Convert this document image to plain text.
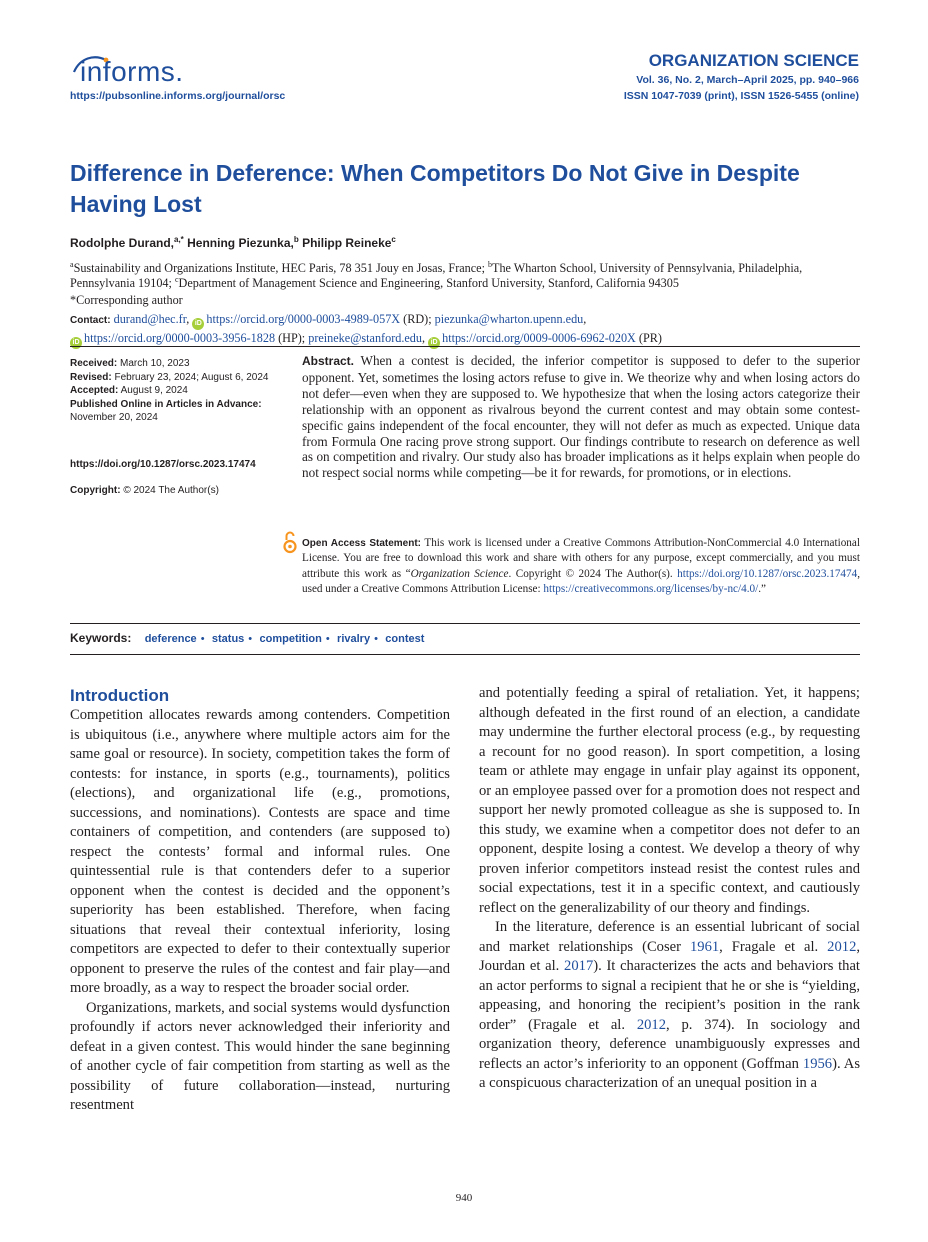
informs.
https://pubsonline.informs.org/journal/orsc
ORGANIZATION SCIENCE
Vol. 36, No. 2, March–April 2025, pp. 940–966
ISSN 1047-7039 (print), ISSN 1526-5455 (online)
Difference in Deference: When Competitors Do Not Give in Despite Having Lost
Rodolphe Durand,$^{a,*}$ Henning Piezunka,$^b$ Philipp Reineke$^c$
$^a$Sustainability and Organizations Institute, HEC Paris, 78 351 Jouy en Josas, France; $^b$The Wharton School, University of Pennsylvania, Philadelphia, Pennsylvania 19104; $^c$Department of Management Science and Engineering, Stanford University, Stanford, California 94305
*Corresponding author
Contact: durand@hec.fr, iD https://orcid.org/0000-0003-4989-057X (RD); piezunka@wharton.upenn.edu,
iD https://orcid.org/0000-0003-3956-1828 (HP); preineke@stanford.edu, iD https://orcid.org/0009-0006-6962-020X (PR)
Received: March 10, 2023
Revised: February 23, 2024; August 6, 2024
Accepted: August 9, 2024
Published Online in Articles in Advance:
November 20, 2024
https://doi.org/10.1287/orsc.2023.17474
Copyright: © 2024 The Author(s)
Abstract. When a contest is decided, the inferior competitor is supposed to defer to the superior opponent. Yet, sometimes the losing actors refuse to give in. We theorize why and when losing actors do not defer—even when they are supposed to. We hypothesize that when the losing actors categorize their relationship with an opponent as rivalrous beyond the current contest and may obtain some contest-specific gains independent of the focal encounter, they will not defer as much as expected. Unique data from Formula One racing prove strong support. Our findings contribute to research on deference as well as on competition and rivalry. Our study also has broader implications as it helps explain when people do not respect social norms while competing—be it for rewards, for promotions, or in elections.
Open Access Statement: This work is licensed under a Creative Commons Attribution-NonCommercial 4.0 International License. You are free to download this work and share with others for any purpose, except commercially, and you must attribute this work as “Organization Science. Copyright © 2024 The Author(s). https://doi.org/10.1287/orsc.2023.17474, used under a Creative Commons Attribution License: https://creativecommons.org/licenses/by-nc/4.0/.”
Keywords: deference • status • competition • rivalry • contest
Introduction

Competition allocates rewards among contenders. Competition is ubiquitous (i.e., anywhere where multiple actors aim for the same goal or resource). In society, competition takes the form of contests: for instance, in sports (e.g., tournaments), politics (elections), and organizational life (e.g., promotions, successions, and nominations). Contests are space and time containers of competition, and contenders (are supposed to) respect the contests’ formal and informal rules. One quintessential rule is that contenders defer to a superior opponent when the contest is decided and the opponent’s superiority has been established. Therefore, when facing situations that reveal their contextual inferiority, losing competitors are expected to defer to their contextually superior opponent to preserve the rules of the contest and fair play—and more broadly, as a way to respect the broader social order.

Organizations, markets, and social systems would dysfunction profoundly if actors never acknowledged their inferiority and defeat in a given contest. This would hinder the sane beginning of another cycle of fair competition from starting as well as the possibility of future collaboration—instead, nurturing resentment

and potentially feeding a spiral of retaliation. Yet, it happens; although defeated in the first round of an election, a candidate may undermine the further electoral process (e.g., by requesting a recount for no good reason). In sport competition, a losing team or athlete may engage in unfair play against its opponent, or an employee passed over for a promotion does not respect and support her newly promoted colleague as she is supposed to. In this study, we examine when a competitor does not defer to an opponent, despite losing a contest. We develop a theory of why proven inferior competitors instead resist the contest rules and social expectations, test it in a specific context, and cautiously reflect on the generalizability of our theory and findings.

In the literature, deference is an essential lubricant of social and market relationships (Coser 1961, Fragale et al. 2012, Jourdan et al. 2017). It characterizes the acts and behaviors that an actor performs to signal a recipient that he or she is “yielding, appeasing, and honoring the recipient’s position in the rank order” (Fragale et al. 2012, p. 374). In sociology and organization theory, deference unambiguously expresses and reflects an actor’s inferiority to an opponent (Goffman 1956). As a conspicuous characterization of an unequal position in a

940
